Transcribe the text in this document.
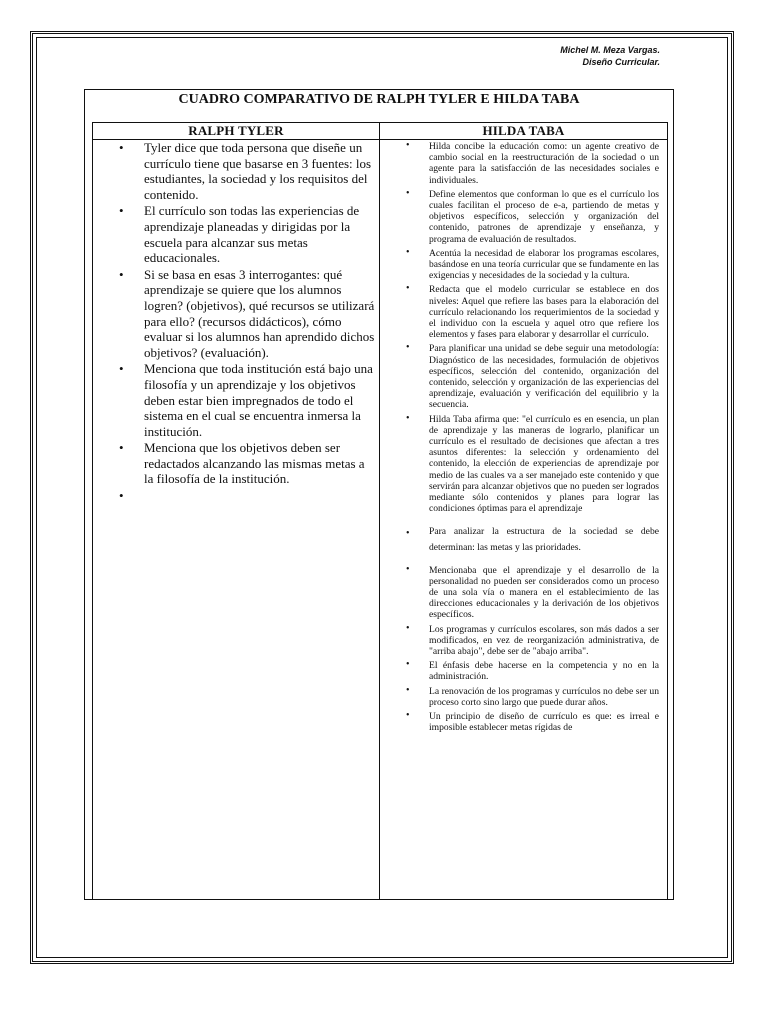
Michel M. Meza Vargas.
Diseño Curricular.
CUADRO COMPARATIVO DE RALPH TYLER E HILDA TABA
RALPH TYLER
• Tyler dice que toda persona que diseñe un currículo tiene que basarse en 3 fuentes: los estudiantes, la sociedad y los requisitos del contenido.
• El currículo son todas las experiencias de aprendizaje planeadas y dirigidas por la escuela para alcanzar sus metas educacionales.
• Si se basa en esas 3 interrogantes: qué aprendizaje se quiere que los alumnos logren? (objetivos), qué recursos se utilizará para ello? (recursos didácticos), cómo evaluar si los alumnos han aprendido dichos objetivos? (evaluación).
• Menciona que toda institución está bajo una filosofía y un aprendizaje y los objetivos deben estar bien impregnados de todo el sistema en el cual se encuentra inmersa la institución.
• Menciona que los objetivos deben ser redactados alcanzando las mismas metas a la filosofía de la institución.
•
HILDA TABA
• Hilda concibe la educación como: un agente creativo de cambio social en la reestructuración de la sociedad o un agente para la satisfacción de las necesidades sociales e individuales.
• Define elementos que conforman lo que es el currículo los cuales facilitan el proceso de e-a, partiendo de metas y objetivos específicos, selección y organización del contenido, patrones de aprendizaje y enseñanza, y programa de evaluación de resultados.
• Acentúa la necesidad de elaborar los programas escolares, basándose en una teoría curricular que se fundamente en las exigencias y necesidades de la sociedad y la cultura.
• Redacta que el modelo curricular se establece en dos niveles: Aquel que refiere las bases para la elaboración del currículo relacionando los requerimientos de la sociedad y el individuo con la escuela y aquel otro que refiere los elementos y fases para elaborar y desarrollar el currículo.
• Para planificar una unidad se debe seguir una metodología: Diagnóstico de las necesidades, formulación de objetivos específicos, selección del contenido, organización del contenido, selección y organización de las experiencias del aprendizaje, evaluación y verificación del equilibrio y la secuencia.
• Hilda Taba afirma que: "el currículo es en esencia, un plan de aprendizaje y las maneras de lograrlo, planificar un currículo es el resultado de decisiones que afectan a tres asuntos diferentes: la selección y ordenamiento del contenido, la elección de experiencias de aprendizaje por medio de las cuales va a ser manejado este contenido y que servirán para alcanzar objetivos que no pueden ser logrados mediante sólo contenidos y planes para lograr las condiciones óptimas para el aprendizaje
• Para analizar la estructura de la sociedad se debe determinan: las metas y las prioridades.
• Mencionaba que el aprendizaje y el desarrollo de la personalidad no pueden ser considerados como un proceso de una sola vía o manera en el establecimiento de las direcciones educacionales y la derivación de los objetivos específicos.
• Los programas y currículos escolares, son más dados a ser modificados, en vez de reorganización administrativa, de "arriba abajo", debe ser de "abajo arriba".
• El énfasis debe hacerse en la competencia y no en la administración.
• La renovación de los programas y currículos no debe ser un proceso corto sino largo que puede durar años.
• Un principio de diseño de currículo es que: es irreal e imposible establecer metas rígidas de
